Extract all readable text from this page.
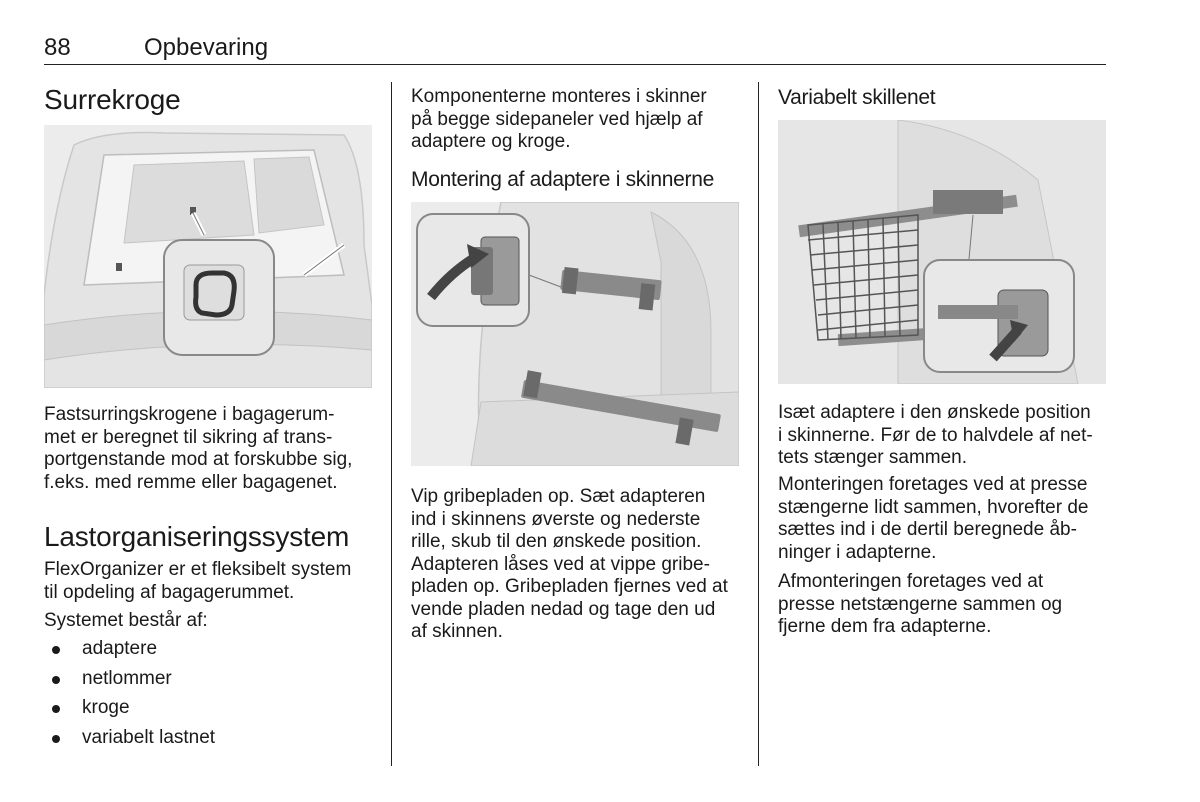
88	Opbevaring
Surrekroge

Fastsurringskrogene i bagagerum-
met er beregnet til sikring af trans-
portgenstande mod at forskubbe sig,
f.eks. med remme eller bagagenet.

Lastorganiseringssystem

FlexOrganizer er et fleksibelt system
til opdeling af bagagerummet.

Systemet består af:

adaptere
netlommer
kroge
variabelt lastnet

Komponenterne monteres i skinner
på begge sidepaneler ved hjælp af
adaptere og kroge.

Montering af adaptere i skinnerne

Vip gribepladen op. Sæt adapteren
ind i skinnens øverste og nederste
rille, skub til den ønskede position.
Adapteren låses ved at vippe gribe-
pladen op. Gribepladen fjernes ved at
vende pladen nedad og tage den ud
af skinnen.

Variabelt skillenet

Isæt adaptere i den ønskede position
i skinnerne. Før de to halvdele af net-
tets stænger sammen.

Monteringen foretages ved at presse
stængerne lidt sammen, hvorefter de
sættes ind i de dertil beregnede åb-
ninger i adapterne.

Afmonteringen foretages ved at
presse netstængerne sammen og
fjerne dem fra adapterne.
